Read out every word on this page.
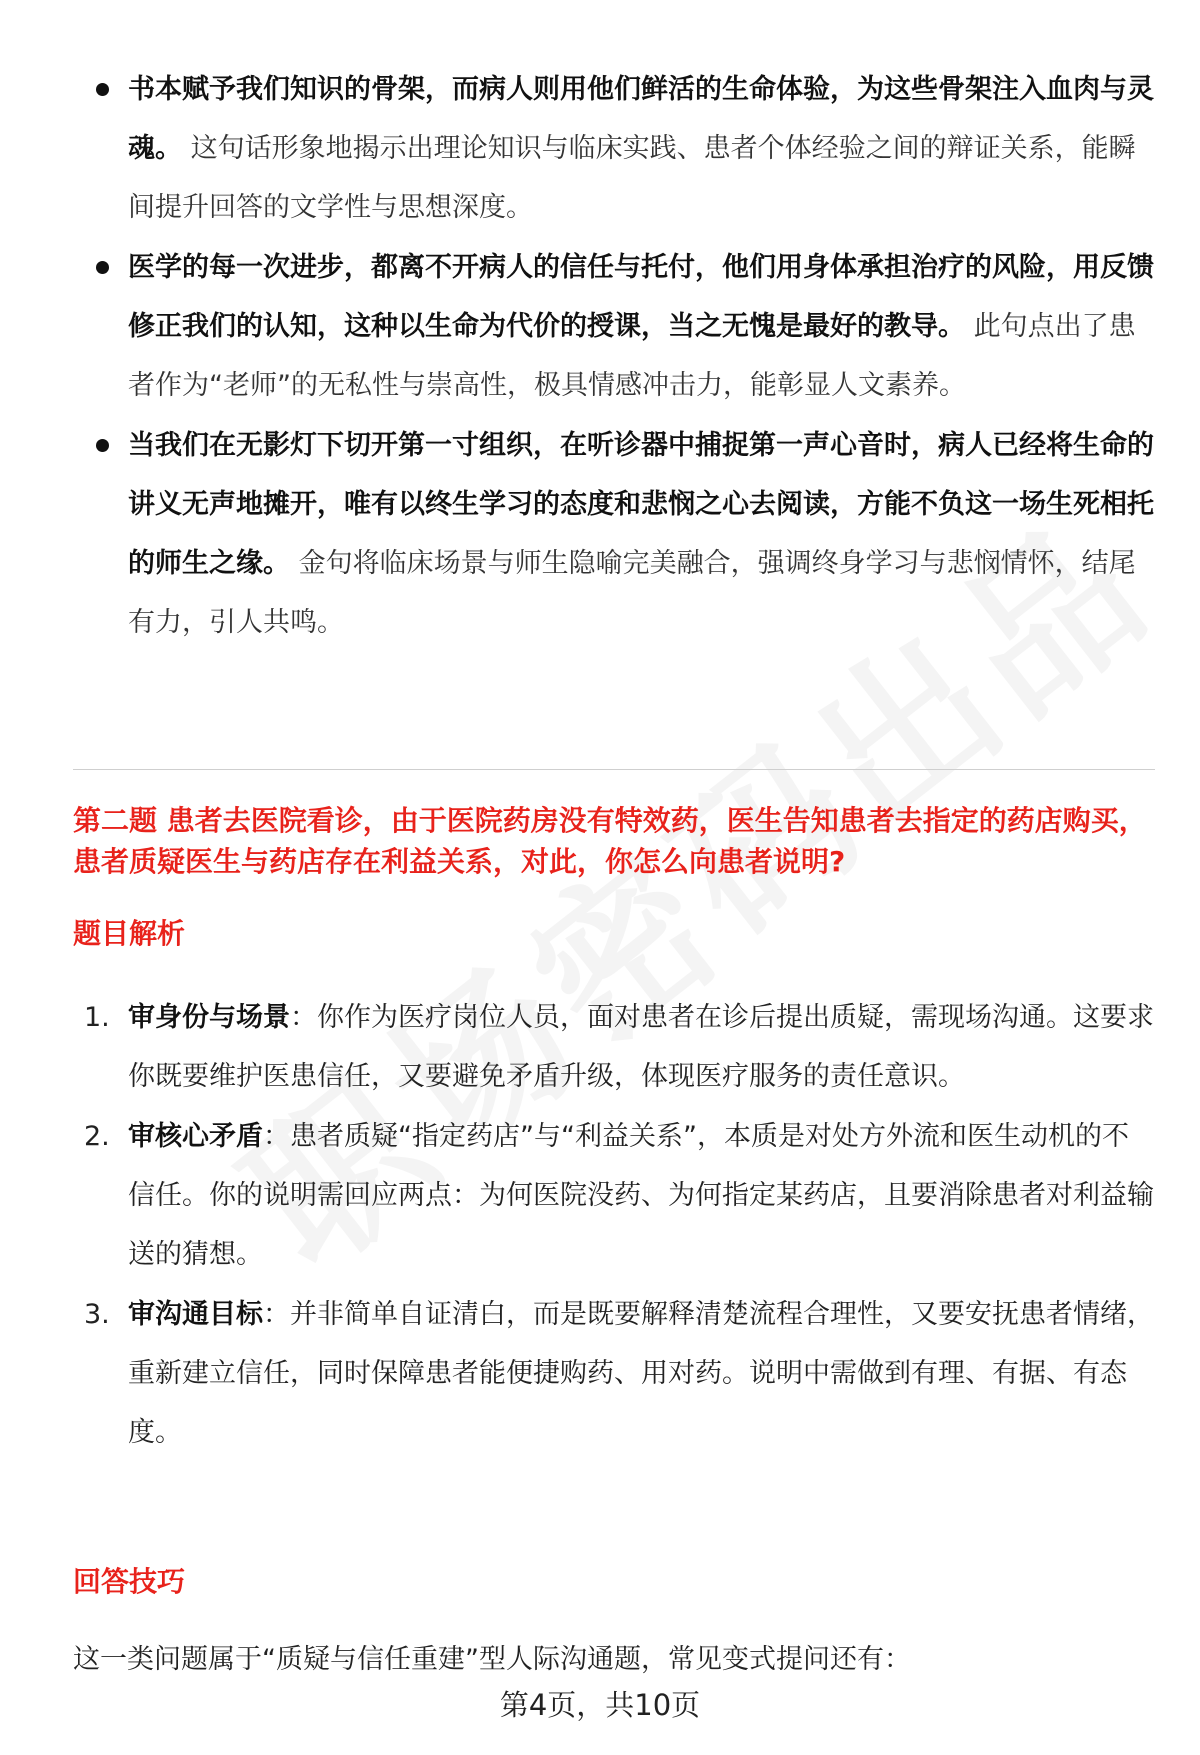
书本赋予我们知识的骨架，而病人则用他们鲜活的生命体验，为这些骨架注入血肉与灵魂。 这句话形象地揭示出理论知识与临床实践、患者个体经验之间的辩证关系，能瞬间提升回答的文学性与思想深度。
医学的每一次进步，都离不开病人的信任与托付，他们用身体承担治疗的风险，用反馈修正我们的认知，这种以生命为代价的授课，当之无愧是最好的教导。 此句点出了患者作为“老师”的无私性与崇高性，极具情感冲击力，能彰显人文素养。
当我们在无影灯下切开第一寸组织，在听诊器中捕捉第一声心音时，病人已经将生命的讲义无声地摊开，唯有以终生学习的态度和悲悯之心去阅读，方能不负这一场生死相托的师生之缘。 金句将临床场景与师生隐喻完美融合，强调终身学习与悲悯情怀，结尾有力，引人共鸣。
第二题 患者去医院看诊，由于医院药房没有特效药，医生告知患者去指定的药店购买，患者质疑医生与药店存在利益关系，对此，你怎么向患者说明?
题目解析
1. 审身份与场景：你作为医疗岗位人员，面对患者在诊后提出质疑，需现场沟通。这要求你既要维护医患信任，又要避免矛盾升级，体现医疗服务的责任意识。
2. 审核心矛盾：患者质疑“指定药店”与“利益关系”，本质是对处方外流和医生动机的不信任。你的说明需回应两点：为何医院没药、为何指定某药店，且要消除患者对利益输送的猜想。
3. 审沟通目标：并非简单自证清白，而是既要解释清楚流程合理性，又要安抚患者情绪，重新建立信任，同时保障患者能便捷购药、用对药。说明中需做到有理、有据、有态度。
回答技巧
这一类问题属于“质疑与信任重建”型人际沟通题，常见变式提问还有：
第4页，共10页
